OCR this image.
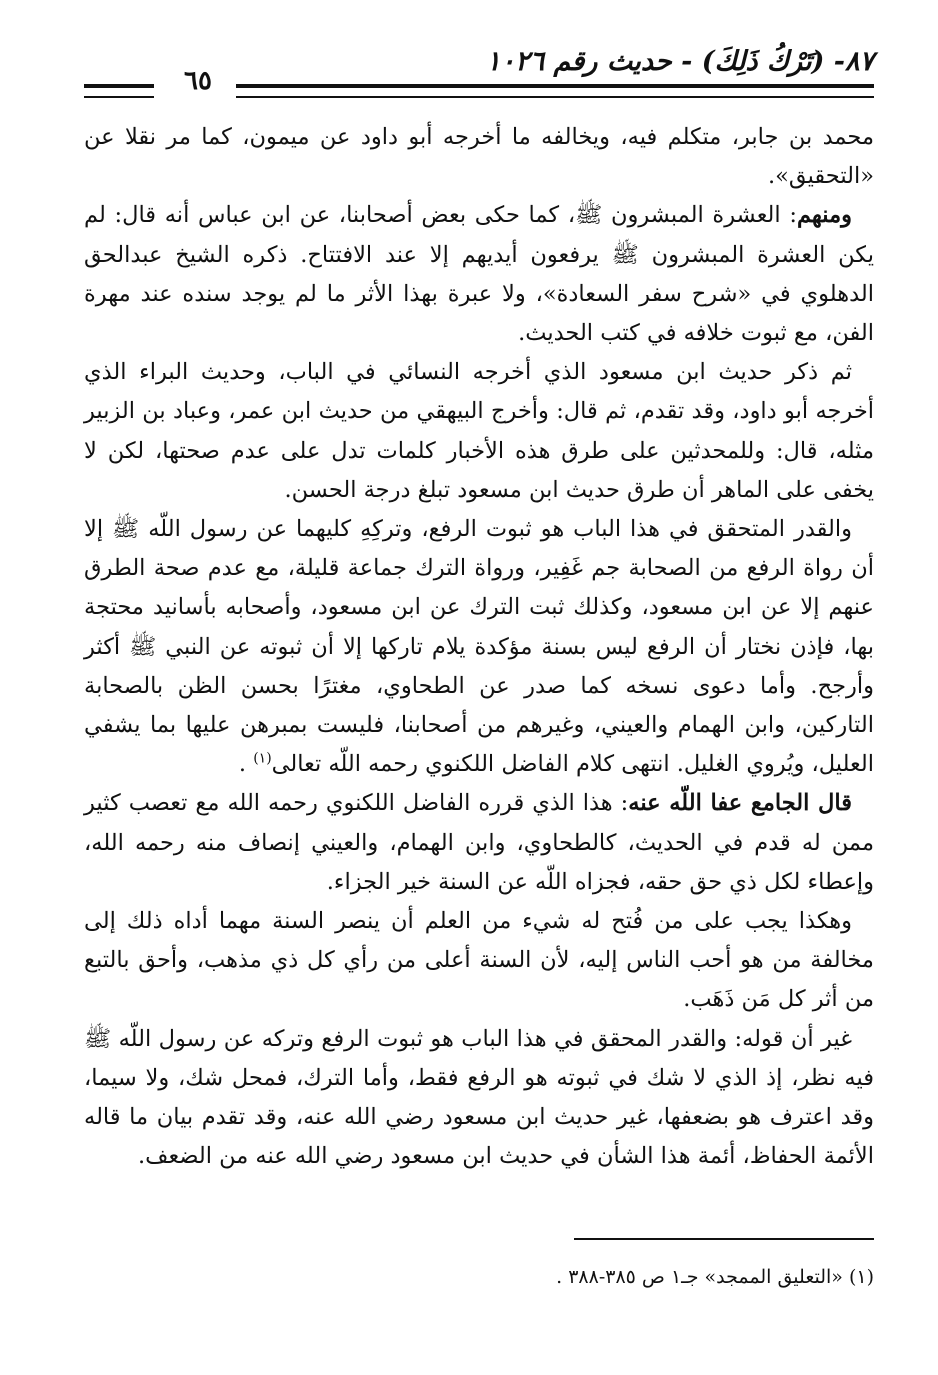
٨٧- (تَرْكُ ذَلِكَ) - حديث رقم ١٠٢٦
٦٥

محمد بن جابر، متكلم فيه، ويخالفه ما أخرجه أبو داود عن ميمون، كما مر نقلا عن «التحقيق».

ومنهم: العشرة المبشرون ﷺ، كما حكى بعض أصحابنا، عن ابن عباس أنه قال: لم يكن العشرة المبشرون ﷺ يرفعون أيديهم إلا عند الافتتاح. ذكره الشيخ عبدالحق الدهلوي في «شرح سفر السعادة»، ولا عبرة بهذا الأثر ما لم يوجد سنده عند مهرة الفن، مع ثبوت خلافه في كتب الحديث.

ثم ذكر حديث ابن مسعود الذي أخرجه النسائي في الباب، وحديث البراء الذي أخرجه أبو داود، وقد تقدم، ثم قال: وأخرج البيهقي من حديث ابن عمر، وعباد بن الزبير مثله، قال: وللمحدثين على طرق هذه الأخبار كلمات تدل على عدم صحتها، لكن لا يخفى على الماهر أن طرق حديث ابن مسعود تبلغ درجة الحسن.

والقدر المتحقق في هذا الباب هو ثبوت الرفع، وتركِهِ كليهما عن رسول اللّه ﷺ إلا أن رواة الرفع من الصحابة جم غَفِير، ورواة الترك جماعة قليلة، مع عدم صحة الطرق عنهم إلا عن ابن مسعود، وكذلك ثبت الترك عن ابن مسعود، وأصحابه بأسانيد محتجة بها، فإذن نختار أن الرفع ليس بسنة مؤكدة يلام تاركها إلا أن ثبوته عن النبي ﷺ أكثر وأرجح. وأما دعوى نسخه كما صدر عن الطحاوي، مغترًا بحسن الظن بالصحابة التاركين، وابن الهمام والعيني، وغيرهم من أصحابنا، فليست بمبرهن عليها بما يشفي العليل، ويُروي الغليل. انتهى كلام الفاضل اللكنوي رحمه اللّه تعالى$^{(١)}$ .

قال الجامع عفا اللّه عنه: هذا الذي قرره الفاضل اللكنوي رحمه الله مع تعصب كثير ممن له قدم في الحديث، كالطحاوي، وابن الهمام، والعيني إنصاف منه رحمه الله، وإعطاء لكل ذي حق حقه، فجزاه اللّه عن السنة خير الجزاء.

وهكذا يجب على من فُتح له شيء من العلم أن ينصر السنة مهما أداه ذلك إلى مخالفة من هو أحب الناس إليه، لأن السنة أعلى من رأي كل ذي مذهب، وأحق بالتبع من أثر كل مَن ذَهَب.

غير أن قوله: والقدر المحقق في هذا الباب هو ثبوت الرفع وتركه عن رسول اللّه ﷺ فيه نظر، إذ الذي لا شك في ثبوته هو الرفع فقط، وأما الترك، فمحل شك، ولا سيما، وقد اعترف هو بضعفها، غير حديث ابن مسعود رضي الله عنه، وقد تقدم بيان ما قاله الأئمة الحفاظ، أئمة هذا الشأن في حديث ابن مسعود رضي الله عنه من الضعف.

(١) «التعليق الممجد» جـ١ ص ٣٨٥-٣٨٨ .
